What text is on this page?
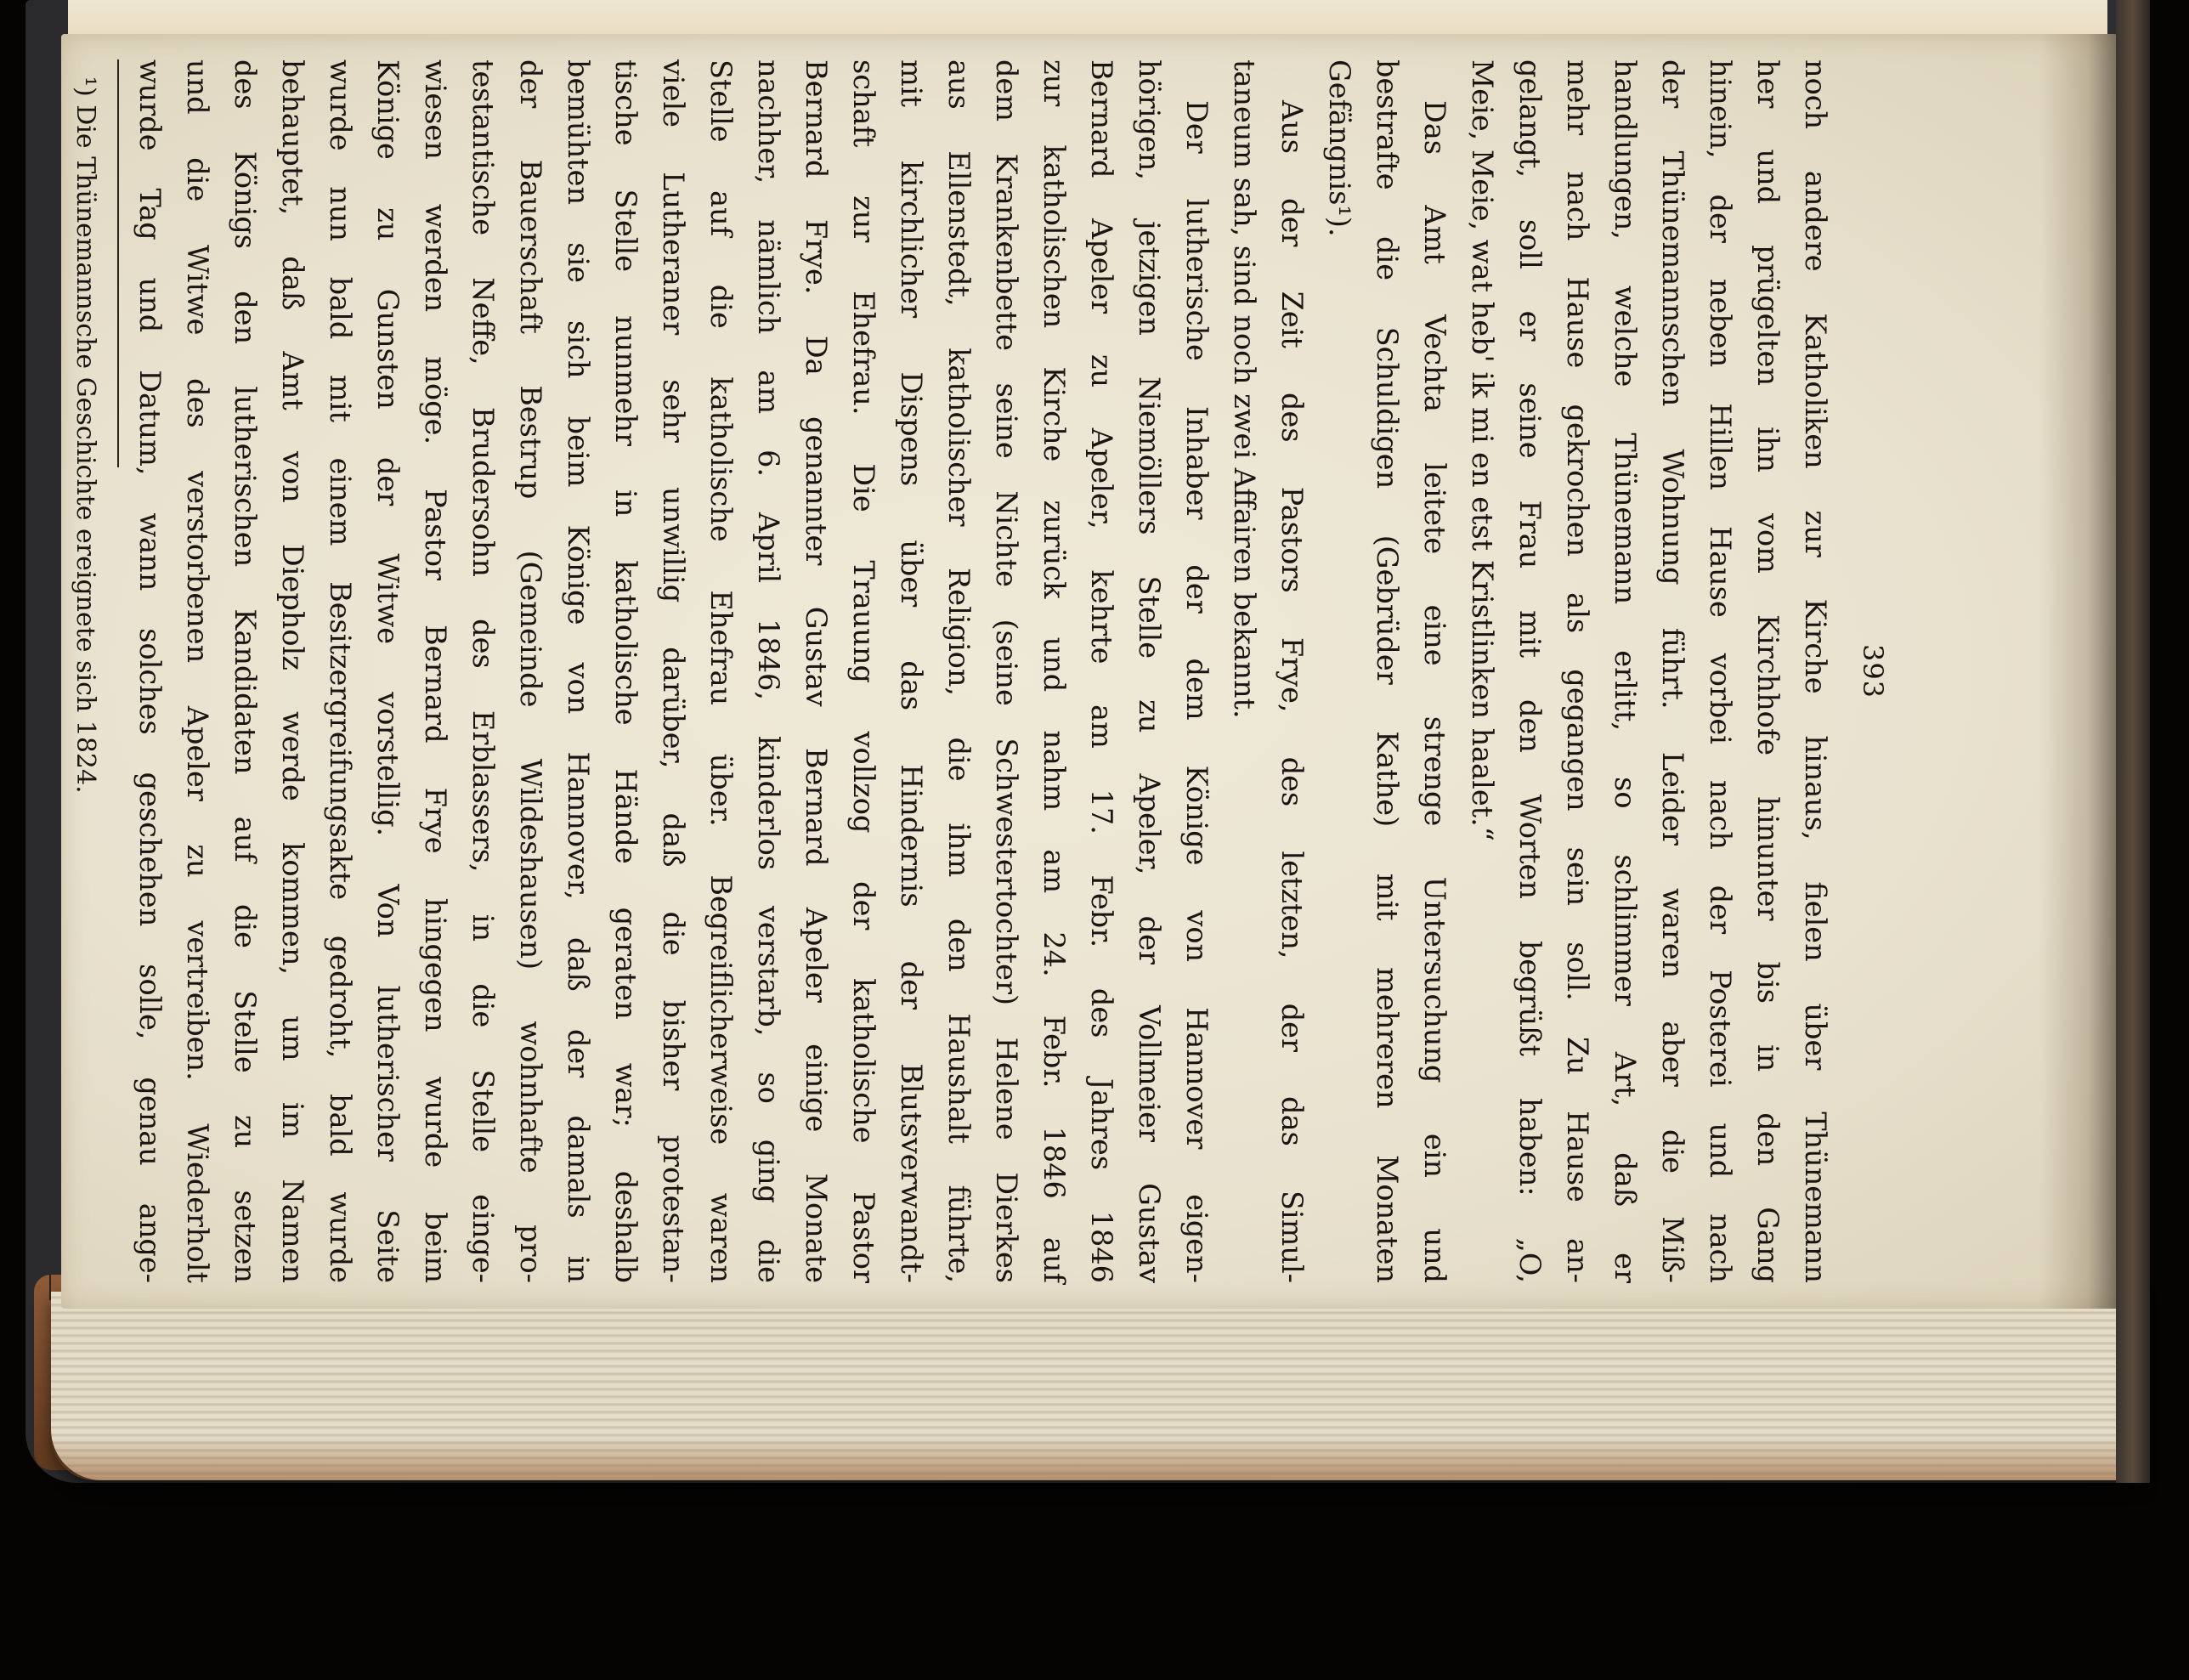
393
noch andere Katholiken zur Kirche hinaus, fielen über Thünemann
her und prügelten ihn vom Kirchhofe hinunter bis in den Gang
hinein, der neben Hillen Hause vorbei nach der Posterei und nach
der Thünemannschen Wohnung führt. Leider waren aber die Miß-
handlungen, welche Thünemann erlitt, so schlimmer Art, daß er
mehr nach Hause gekrochen als gegangen sein soll. Zu Hause an-
gelangt, soll er seine Frau mit den Worten begrüßt haben: „O,
Meie, Meie, wat heb' ik mi en etst Kristlinken haalet.“
Das Amt Vechta leitete eine strenge Untersuchung ein und
bestrafte die Schuldigen (Gebrüder Kathe) mit mehreren Monaten
Gefängnis¹).
Aus der Zeit des Pastors Frye, des letzten, der das Simul-
taneum sah, sind noch zwei Affairen bekannt.
Der lutherische Inhaber der dem Könige von Hannover eigen-
hörigen, jetzigen Niemöllers Stelle zu Apeler, der Vollmeier Gustav
Bernard Apeler zu Apeler, kehrte am 17. Febr. des Jahres 1846
zur katholischen Kirche zurück und nahm am 24. Febr. 1846 auf
dem Krankenbette seine Nichte (seine Schwestertochter) Helene Dierkes
aus Ellenstedt, katholischer Religion, die ihm den Haushalt führte,
mit kirchlicher Dispens über das Hindernis der Blutsverwandt-
schaft zur Ehefrau. Die Trauung vollzog der katholische Pastor
Bernard Frye. Da genannter Gustav Bernard Apeler einige Monate
nachher, nämlich am 6. April 1846, kinderlos verstarb, so ging die
Stelle auf die katholische Ehefrau über. Begreiflicherweise waren
viele Lutheraner sehr unwillig darüber, daß die bisher protestan-
tische Stelle nunmehr in katholische Hände geraten war; deshalb
bemühten sie sich beim Könige von Hannover, daß der damals in
der Bauerschaft Bestrup (Gemeinde Wildeshausen) wohnhafte pro-
testantische Neffe, Brudersohn des Erblassers, in die Stelle einge-
wiesen werden möge. Pastor Bernard Frye hingegen wurde beim
Könige zu Gunsten der Witwe vorstellig. Von lutherischer Seite
wurde nun bald mit einem Besitzergreifungsakte gedroht, bald wurde
behauptet, daß Amt von Diepholz werde kommen, um im Namen
des Königs den lutherischen Kandidaten auf die Stelle zu setzen
und die Witwe des verstorbenen Apeler zu vertreiben. Wiederholt
wurde Tag und Datum, wann solches geschehen solle, genau ange-
¹) Die Thünemannsche Geschichte ereignete sich 1824.
